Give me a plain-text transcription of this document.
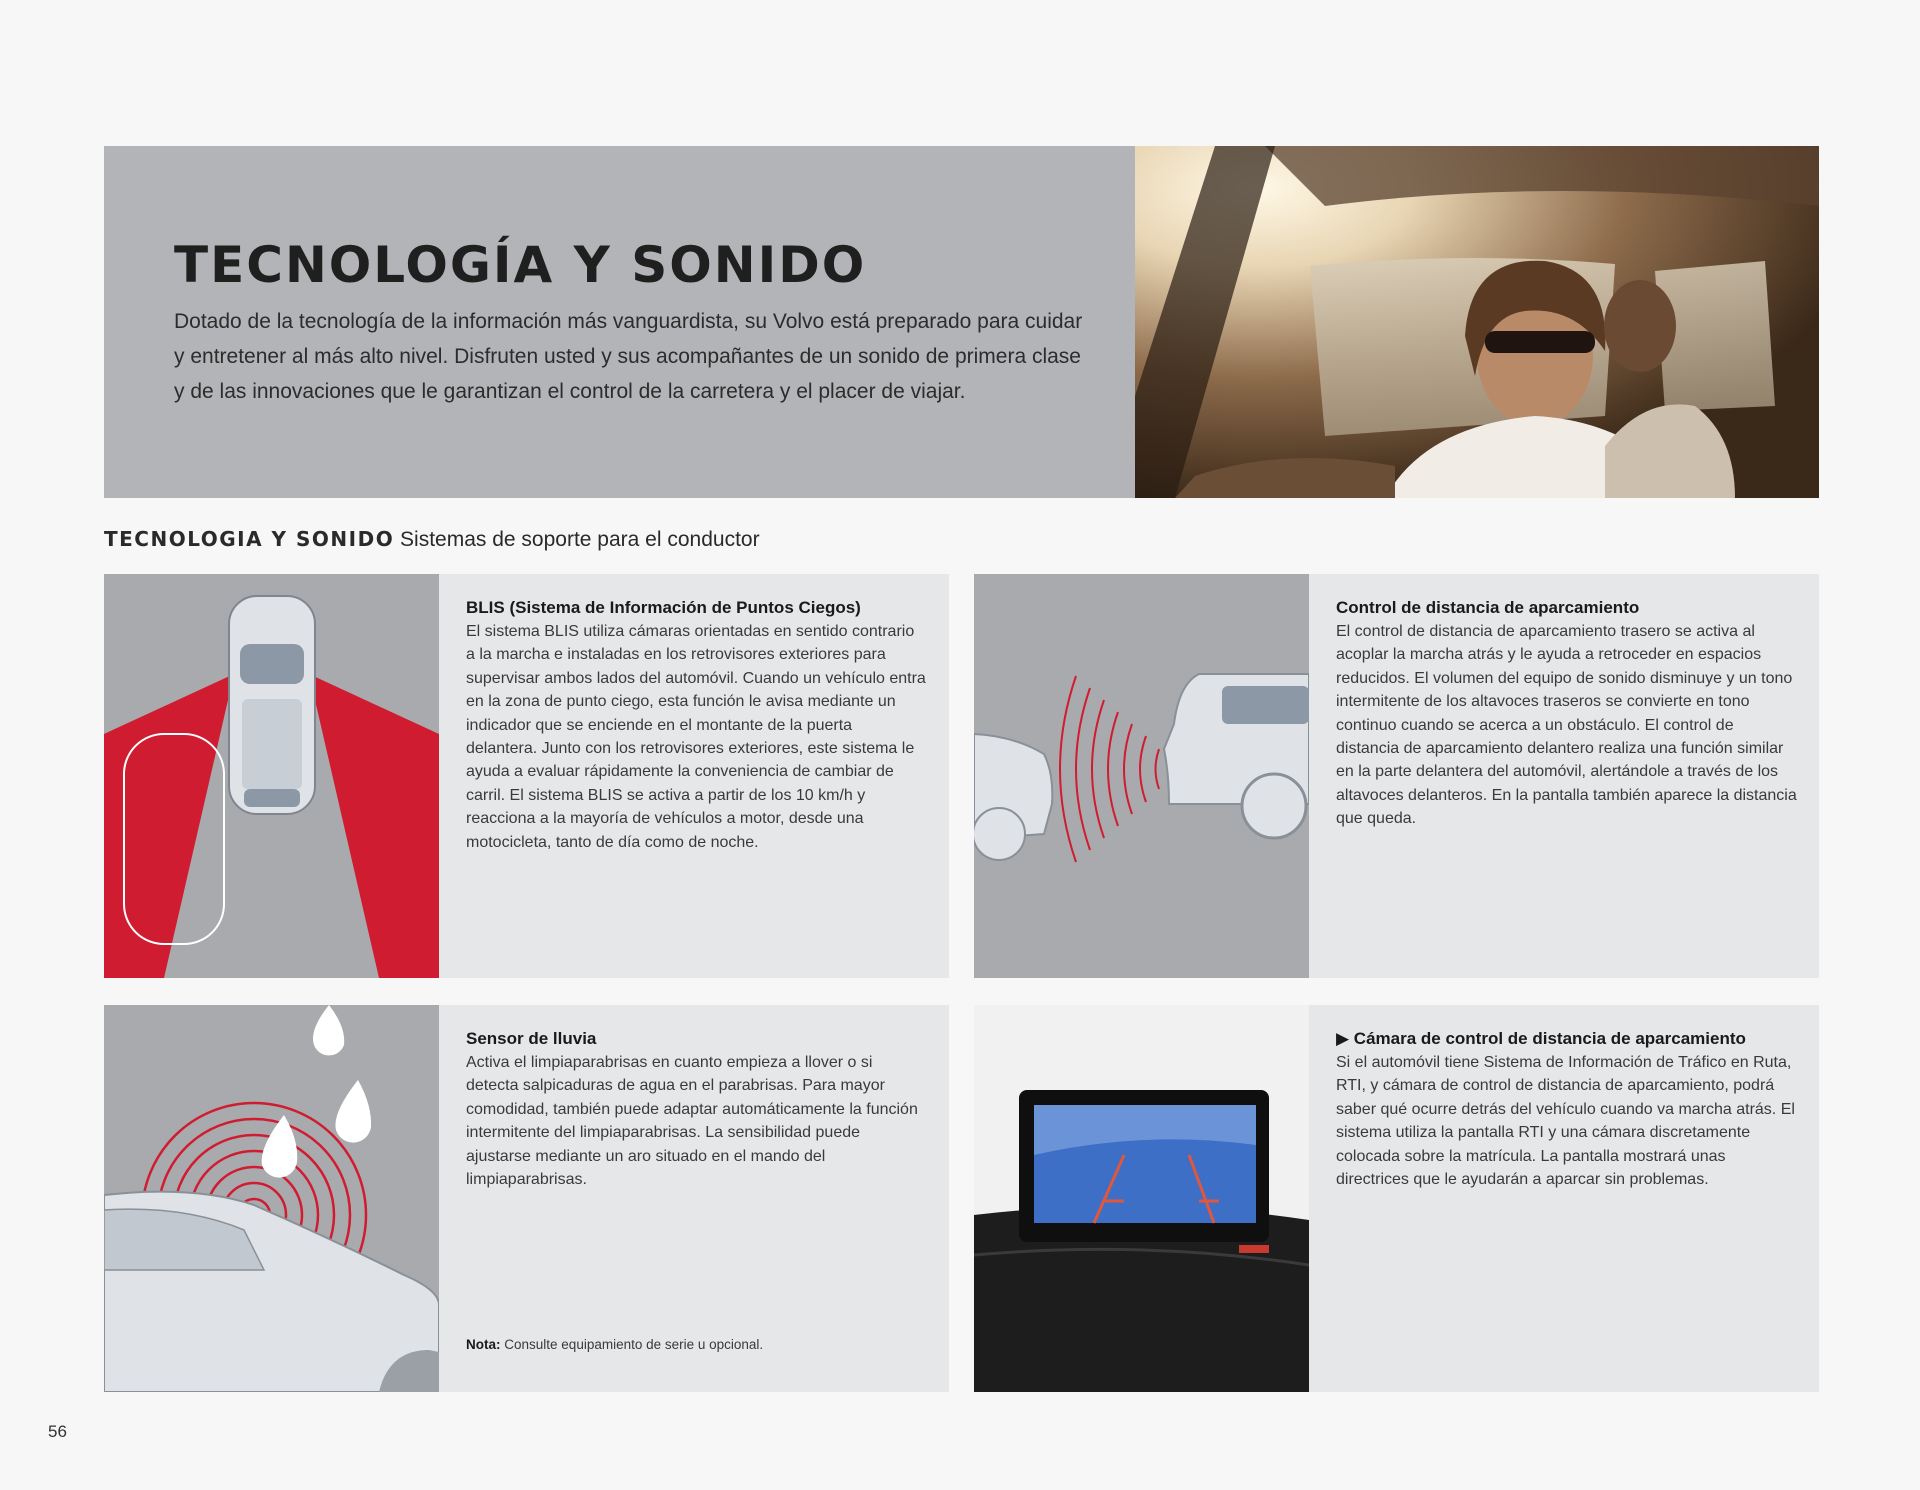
TECNOLOGÍA Y SONIDO

Dotado de la tecnología de la información más vanguardista, su Volvo está preparado para cuidar y entretener al más alto nivel. Disfruten usted y sus acompañantes de un sonido de primera clase y de las innovaciones que le garantizan el control de la carretera y el placer de viajar.

TECNOLOGIA Y SONIDO Sistemas de soporte para el conductor
BLIS (Sistema de Información de Puntos Ciegos)

El sistema BLIS utiliza cámaras orientadas en sentido contrario a la marcha e instaladas en los retrovisores exteriores para supervisar ambos lados del automóvil. Cuando un vehículo entra en la zona de punto ciego, esta función le avisa mediante un indicador que se enciende en el montante de la puerta delantera. Junto con los retrovisores exteriores, este sistema le ayuda a evaluar rápidamente la conveniencia de cambiar de carril. El sistema BLIS se activa a partir de los 10 km/h y reacciona a la mayoría de vehículos a motor, desde una motocicleta, tanto de día como de noche.

Control de distancia de aparcamiento

El control de distancia de aparcamiento trasero se activa al acoplar la marcha atrás y le ayuda a retroceder en espacios reducidos. El volumen del equipo de sonido disminuye y un tono intermitente de los altavoces traseros se convierte en tono continuo cuando se acerca a un obstáculo. El control de distancia de aparcamiento delantero realiza una función similar en la parte delantera del automóvil, alertándole a través de los altavoces delanteros. En la pantalla también aparece la distancia que queda.

Sensor de lluvia

Activa el limpiaparabrisas en cuanto empieza a llover o si detecta salpicaduras de agua en el parabrisas. Para mayor comodidad, también puede adaptar automáticamente la función intermitente del limpiaparabrisas. La sensibilidad puede ajustarse mediante un aro situado en el mando del limpiaparabrisas.

Nota: Consulte equipamiento de serie u opcional.
▶ Cámara de control de distancia de aparcamiento

Si el automóvil tiene Sistema de Información de Tráfico en Ruta, RTI, y cámara de control de distancia de aparcamiento, podrá saber qué ocurre detrás del vehículo cuando va marcha atrás. El sistema utiliza la pantalla RTI y una cámara discretamente colocada sobre la matrícula. La pantalla mostrará unas directrices que le ayudarán a aparcar sin problemas.

56
